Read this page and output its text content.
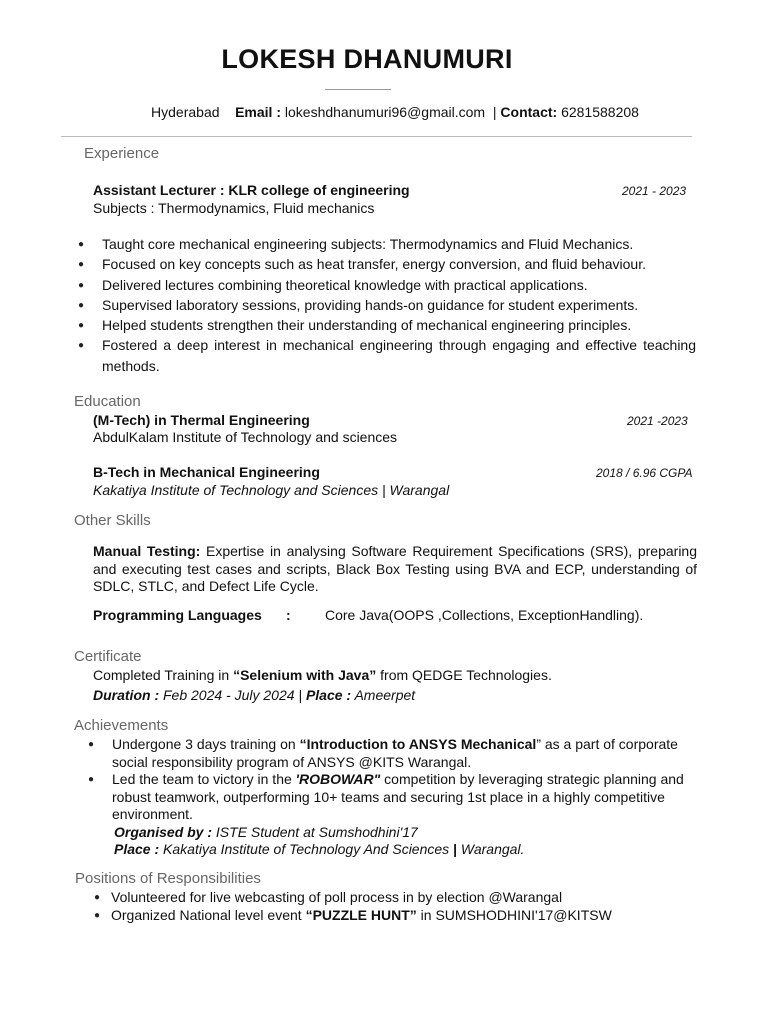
LOKESH DHANUMURI
Hyderabad Email : lokeshdhanumuri96@gmail.com | Contact: 6281588208
Experience
Assistant Lecturer : KLR college of engineering	2021 - 2023
Subjects : Thermodynamics, Fluid mechanics
● Taught core mechanical engineering subjects: Thermodynamics and Fluid Mechanics.
● Focused on key concepts such as heat transfer, energy conversion, and fluid behaviour.
● Delivered lectures combining theoretical knowledge with practical applications.
● Supervised laboratory sessions, providing hands-on guidance for student experiments.
● Helped students strengthen their understanding of mechanical engineering principles.
● Fostered a deep interest in mechanical engineering through engaging and effective teaching methods.
Education
(M-Tech) in Thermal Engineering	2021 -2023
AbdulKalam Institute of Technology and sciences
B-Tech in Mechanical Engineering	2018 / 6.96 CGPA
Kakatiya Institute of Technology and Sciences | Warangal
Other Skills
Manual Testing: Expertise in analysing Software Requirement Specifications (SRS), preparing and executing test cases and scripts, Black Box Testing using BVA and ECP, understanding of SDLC, STLC, and Defect Life Cycle.
Programming Languages : Core Java(OOPS ,Collections, ExceptionHandling).
Certificate
Completed Training in “Selenium with Java” from QEDGE Technologies.
Duration : Feb 2024 - July 2024 | Place : Ameerpet
Achievements
● Undergone 3 days training on “Introduction to ANSYS Mechanical” as a part of corporate social responsibility program of ANSYS @KITS Warangal.
● Led the team to victory in the 'ROBOWAR" competition by leveraging strategic planning and robust teamwork, outperforming 10+ teams and securing 1st place in a highly competitive environment.
Organised by : ISTE Student at Sumshodhini'17
Place : Kakatiya Institute of Technology And Sciences | Warangal.
Positions of Responsibilities
● Volunteered for live webcasting of poll process in by election @Warangal
● Organized National level event “PUZZLE HUNT” in SUMSHODHINI'17@KITSW
